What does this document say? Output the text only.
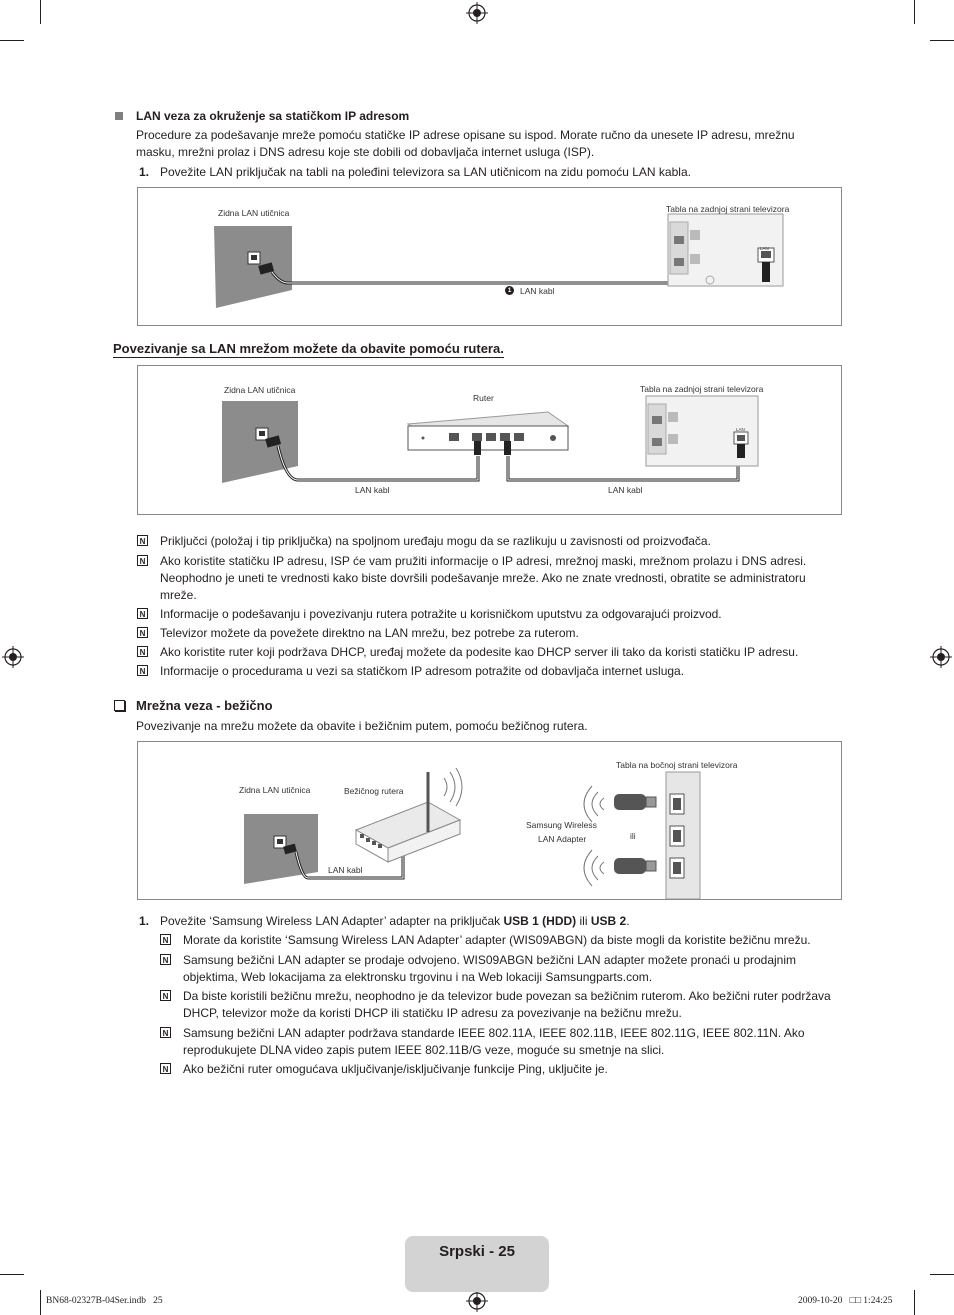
LAN veza za okruženje sa statičkom IP adresom
Procedure za podešavanje mreže pomoću statičke IP adrese opisane su ispod. Morate ručno da unesete IP adresu, mrežnu masku, mrežni prolaz i DNS adresu koje ste dobili od dobavljača internet usluga (ISP).
1. Povežite LAN priključak na tabli na poleđini televizora sa LAN utičnicom na zidu pomoću LAN kabla.
Zidna LAN utičnica	Tabla na zadnjoj strani televizora
LAN
1	LAN kabl
Povezivanje sa LAN mrežom možete da obavite pomoću rutera.
Zidna LAN utičnica
Ruter
Tabla na zadnjoj strani televizora
LAN
LAN kabl	LAN kabl
N Priključci (položaj i tip priključka) na spoljnom uređaju mogu da se razlikuju u zavisnosti od proizvođača.
N Ako koristite statičku IP adresu, ISP će vam pružiti informacije o IP adresi, mrežnoj maski, mrežnom prolazu i DNS adresi. Neophodno je uneti te vrednosti kako biste dovršili podešavanje mreže. Ako ne znate vrednosti, obratite se administratoru mreže.
N Informacije o podešavanju i povezivanju rutera potražite u korisničkom uputstvu za odgovarajući proizvod.
N Televizor možete da povežete direktno na LAN mrežu, bez potrebe za ruterom.
N Ako koristite ruter koji podržava DHCP, uređaj možete da podesite kao DHCP server ili tako da koristi statičku IP adresu.
N Informacije o procedurama u vezi sa statičkom IP adresom potražite od dobavljača internet usluga.
Mrežna veza - bežično
Povezivanje na mrežu možete da obavite i bežičnim putem, pomoću bežičnog rutera.
Zidna LAN utičnica	Bežičnog rutera
LAN kabl
Tabla na bočnoj strani televizora
Samsung Wireless
LAN Adapter	ili
1. Povežite ‘Samsung Wireless LAN Adapter’ adapter na priključak USB 1 (HDD) ili USB 2.
N Morate da koristite ‘Samsung Wireless LAN Adapter’ adapter (WIS09ABGN) da biste mogli da koristite bežičnu mrežu.
N Samsung bežični LAN adapter se prodaje odvojeno. WIS09ABGN bežični LAN adapter možete pronaći u prodajnim objektima, Web lokacijama za elektronsku trgovinu i na Web lokaciji Samsungparts.com.
N Da biste koristili bežičnu mrežu, neophodno je da televizor bude povezan sa bežičnim ruterom. Ako bežični ruter podržava DHCP, televizor može da koristi DHCP ili statičku IP adresu za povezivanje na bežičnu mrežu.
N Samsung bežični LAN adapter podržava standarde IEEE 802.11A, IEEE 802.11B, IEEE 802.11G, IEEE 802.11N. Ako reprodukujete DLNA video zapis putem IEEE 802.11B/G veze, moguće su smetnje na slici.
N Ako bežični ruter omogućava uključivanje/isključivanje funkcije Ping, uključite je.
Srpski - 25
BN68-02327B-04Ser.indb   25	2009-10-20   □□ 1:24:25
